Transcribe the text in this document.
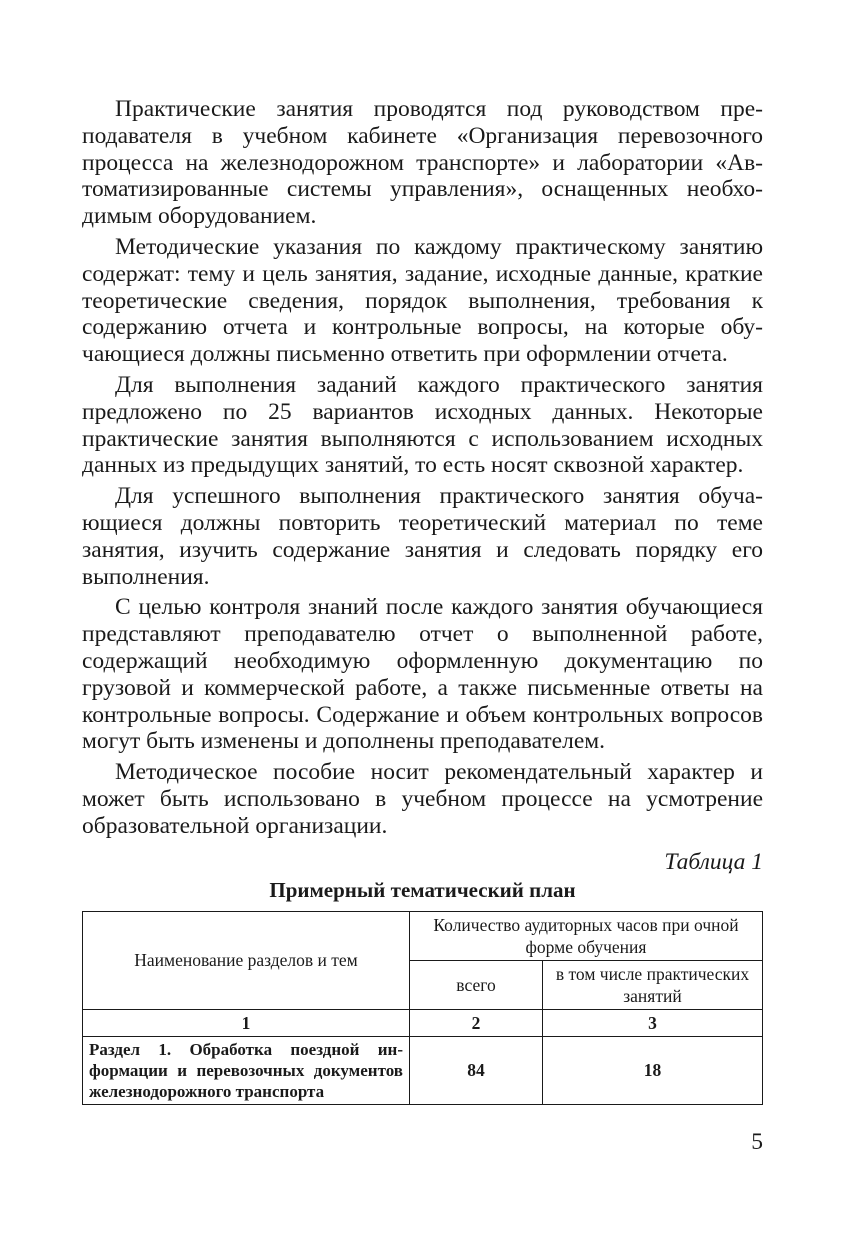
Практические занятия проводятся под руководством преподавателя в учебном кабинете «Организация перевозочного процесса на железнодорожном транспорте» и лаборатории «Автоматизированные системы управления», оснащенных необходимым оборудованием.

Методические указания по каждому практическому занятию содержат: тему и цель занятия, задание, исходные данные, краткие теоретические сведения, порядок выполнения, требования к содержанию отчета и контрольные вопросы, на которые обучающиеся должны письменно ответить при оформлении отчета.

Для выполнения заданий каждого практического занятия предложено по 25 вариантов исходных данных. Некоторые практические занятия выполняются с использованием исходных данных из предыдущих занятий, то есть носят сквозной характер.

Для успешного выполнения практического занятия обучающиеся должны повторить теоретический материал по теме занятия, изучить содержание занятия и следовать порядку его выполнения.

С целью контроля знаний после каждого занятия обучающиеся представляют преподавателю отчет о выполненной работе, содержащий необходимую оформленную документацию по грузовой и коммерческой работе, а также письменные ответы на контрольные вопросы. Содержание и объем контрольных вопросов могут быть изменены и дополнены преподавателем.

Методическое пособие носит рекомендательный характер и может быть использовано в учебном процессе на усмотрение образовательной организации.

Таблица 1
Примерный тематический план
Наименование разделов и тем	Количество аудиторных часов при очной форме обучения	
	всего	в том числе практических занятий
1	2	3
Раздел 1. Обработка поездной информации и перевозочных документов железнодорожного транспорта	84	18
5
